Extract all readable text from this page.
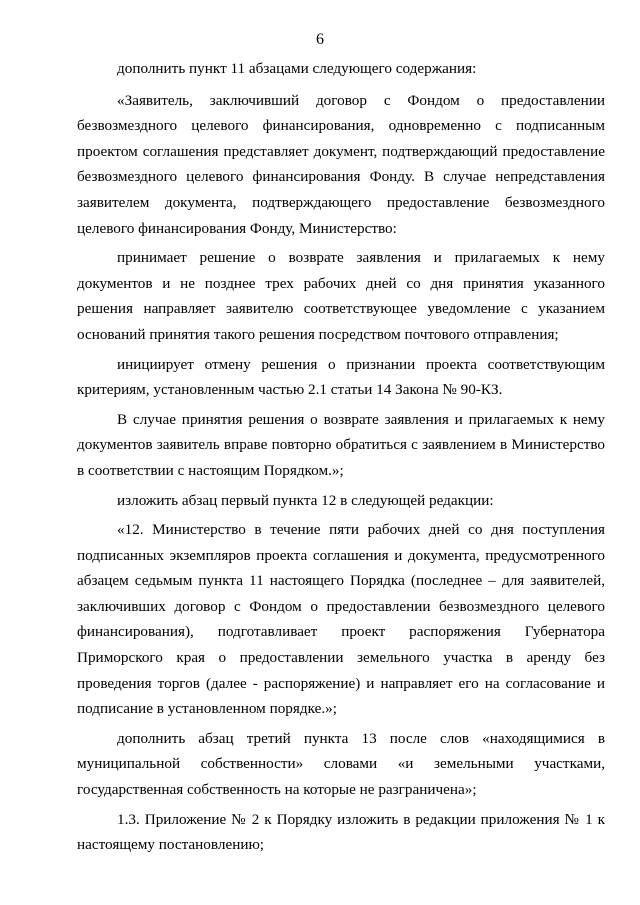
6

дополнить пункт 11 абзацами следующего содержания:

«Заявитель, заключивший договор с Фондом о предоставлении безвозмездного целевого финансирования, одновременно с подписанным проектом соглашения представляет документ, подтверждающий предоставление безвозмездного целевого финансирования Фонду. В случае непредставления заявителем документа, подтверждающего предоставление безвозмездного целевого финансирования Фонду, Министерство:

принимает решение о возврате заявления и прилагаемых к нему документов и не позднее трех рабочих дней со дня принятия указанного решения направляет заявителю соответствующее уведомление с указанием оснований принятия такого решения посредством почтового отправления;

инициирует отмену решения о признании проекта соответствующим критериям, установленным частью 2.1 статьи 14 Закона № 90-КЗ.

В случае принятия решения о возврате заявления и прилагаемых к нему документов заявитель вправе повторно обратиться с заявлением в Министерство в соответствии с настоящим Порядком.»;

изложить абзац первый пункта 12 в следующей редакции:

«12. Министерство в течение пяти рабочих дней со дня поступления подписанных экземпляров проекта соглашения и документа, предусмотренного абзацем седьмым пункта 11 настоящего Порядка (последнее – для заявителей, заключивших договор с Фондом о предоставлении безвозмездного целевого финансирования), подготавливает проект распоряжения Губернатора Приморского края о предоставлении земельного участка в аренду без проведения торгов (далее - распоряжение) и направляет его на согласование и подписание в установленном порядке.»;

дополнить абзац третий пункта 13 после слов «находящимися в муниципальной собственности» словами «и земельными участками, государственная собственность на которые не разграничена»;

1.3. Приложение № 2 к Порядку изложить в редакции приложения № 1 к настоящему постановлению;
